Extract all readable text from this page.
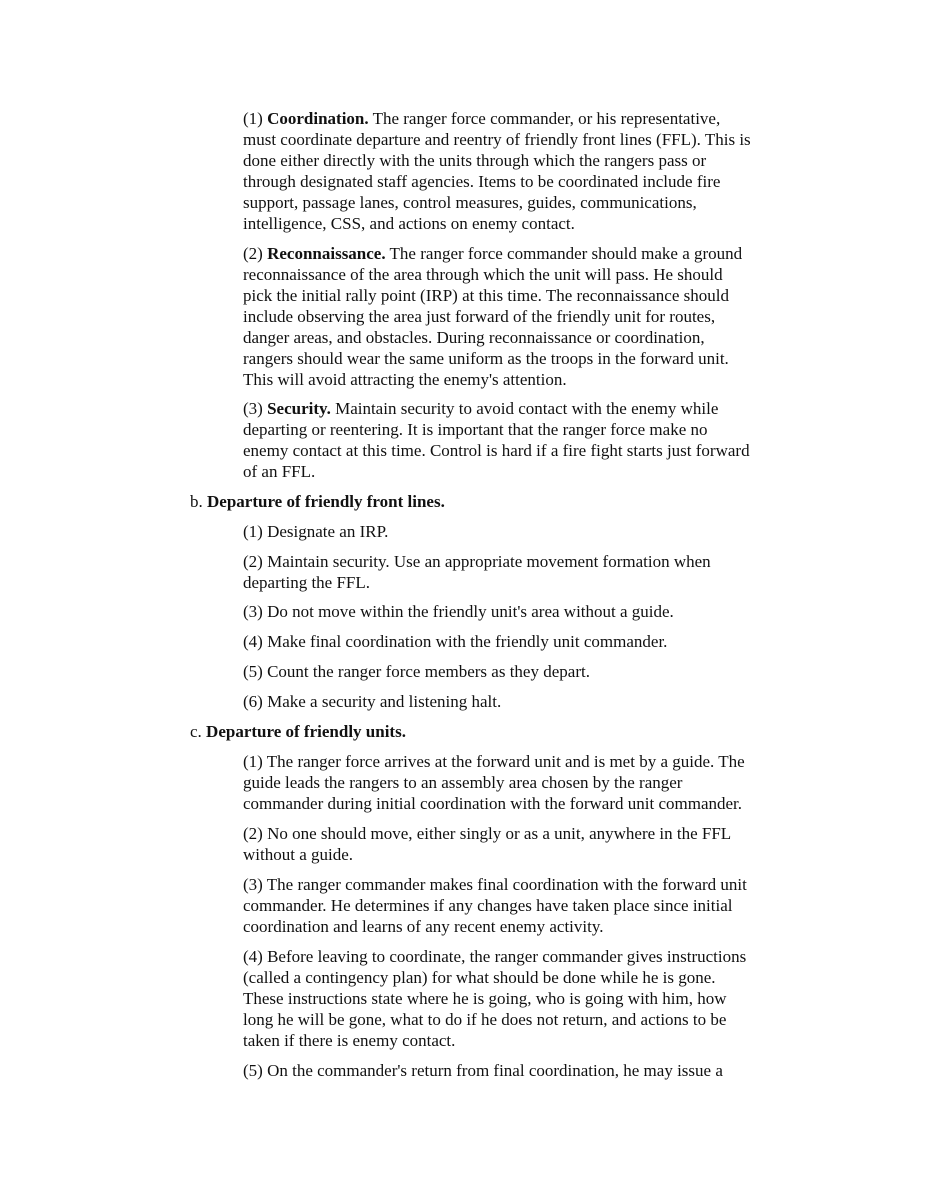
(1) Coordination. The ranger force commander, or his representative,
must coordinate departure and reentry of friendly front lines (FFL). This is
done either directly with the units through which the rangers pass or
through designated staff agencies. Items to be coordinated include fire
support, passage lanes, control measures, guides, communications,
intelligence, CSS, and actions on enemy contact.

(2) Reconnaissance. The ranger force commander should make a ground
reconnaissance of the area through which the unit will pass. He should
pick the initial rally point (IRP) at this time. The reconnaissance should
include observing the area just forward of the friendly unit for routes,
danger areas, and obstacles. During reconnaissance or coordination,
rangers should wear the same uniform as the troops in the forward unit.
This will avoid attracting the enemy's attention.

(3) Security. Maintain security to avoid contact with the enemy while
departing or reentering. It is important that the ranger force make no
enemy contact at this time. Control is hard if a fire fight starts just forward
of an FFL.

b. Departure of friendly front lines.

(1) Designate an IRP.

(2) Maintain security. Use an appropriate movement formation when
departing the FFL.

(3) Do not move within the friendly unit's area without a guide.

(4) Make final coordination with the friendly unit commander.

(5) Count the ranger force members as they depart.

(6) Make a security and listening halt.

c. Departure of friendly units.

(1) The ranger force arrives at the forward unit and is met by a guide. The
guide leads the rangers to an assembly area chosen by the ranger
commander during initial coordination with the forward unit commander.

(2) No one should move, either singly or as a unit, anywhere in the FFL
without a guide.

(3) The ranger commander makes final coordination with the forward unit
commander. He determines if any changes have taken place since initial
coordination and learns of any recent enemy activity.

(4) Before leaving to coordinate, the ranger commander gives instructions
(called a contingency plan) for what should be done while he is gone.
These instructions state where he is going, who is going with him, how
long he will be gone, what to do if he does not return, and actions to be
taken if there is enemy contact.

(5) On the commander's return from final coordination, he may issue a
